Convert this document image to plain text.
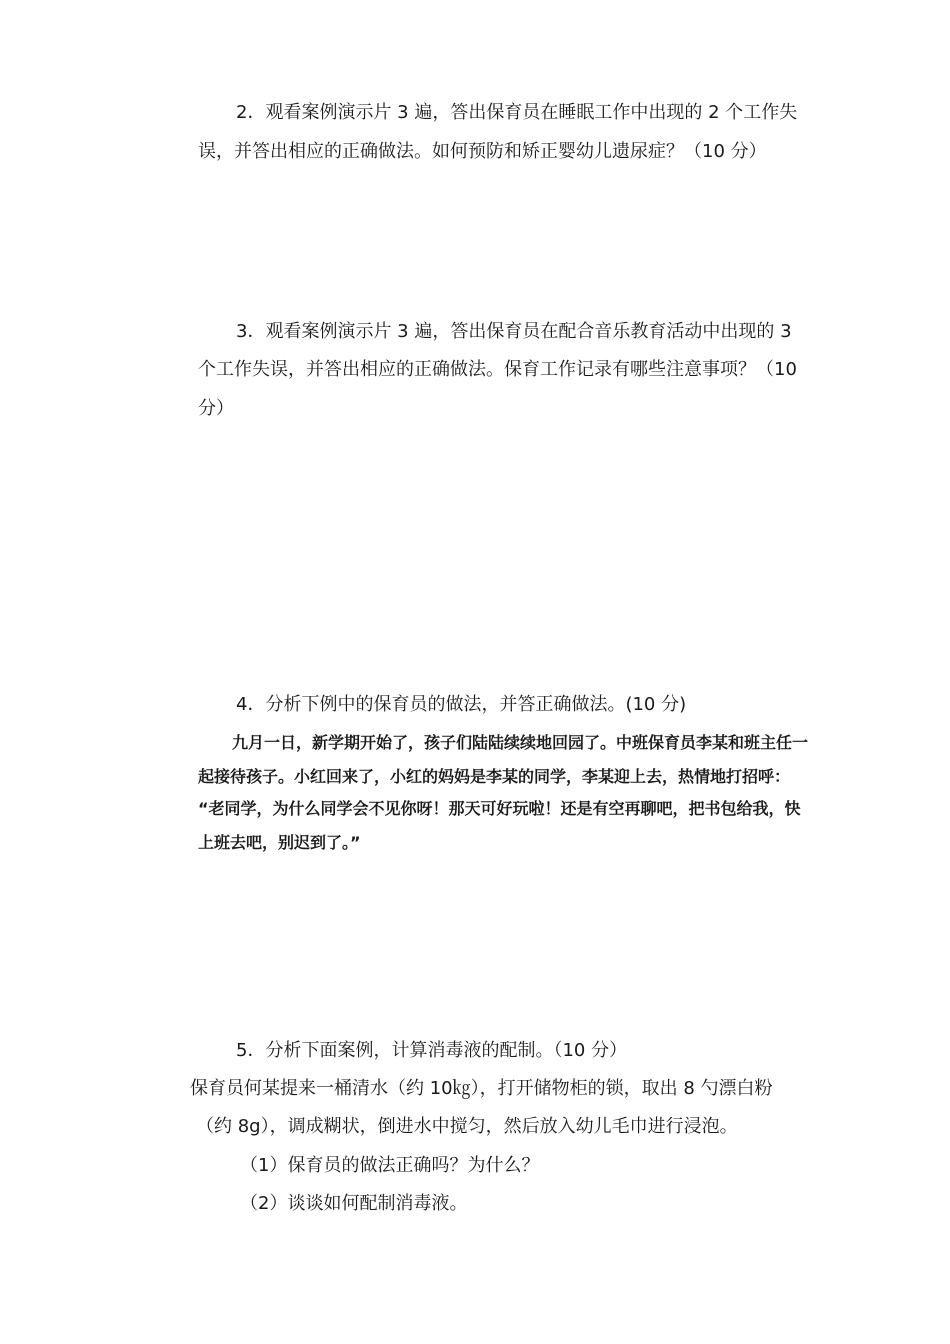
2．观看案例演示片 3 遍，答出保育员在睡眠工作中出现的 2 个工作失
误，并答出相应的正确做法。如何预防和矫正婴幼儿遗尿症？（10 分）
3．观看案例演示片 3 遍，答出保育员在配合音乐教育活动中出现的 3
个工作失误，并答出相应的正确做法。保育工作记录有哪些注意事项？（10
分）
4．分析下例中的保育员的做法，并答正确做法。(10 分)
九月一日，新学期开始了，孩子们陆陆续续地回园了。中班保育员李某和班主任一
起接待孩子。小红回来了，小红的妈妈是李某的同学，李某迎上去，热情地打招呼：
“老同学，为什么同学会不见你呀！那天可好玩啦！还是有空再聊吧，把书包给我，快
上班去吧，别迟到了。”
5．分析下面案例，计算消毒液的配制。（10 分）
保育员何某提来一桶清水（约 10㎏），打开储物柜的锁，取出 8 勺漂白粉
（约 8g），调成糊状，倒进水中搅匀，然后放入幼儿毛巾进行浸泡。
（1）保育员的做法正确吗？为什么？
（2）谈谈如何配制消毒液。
